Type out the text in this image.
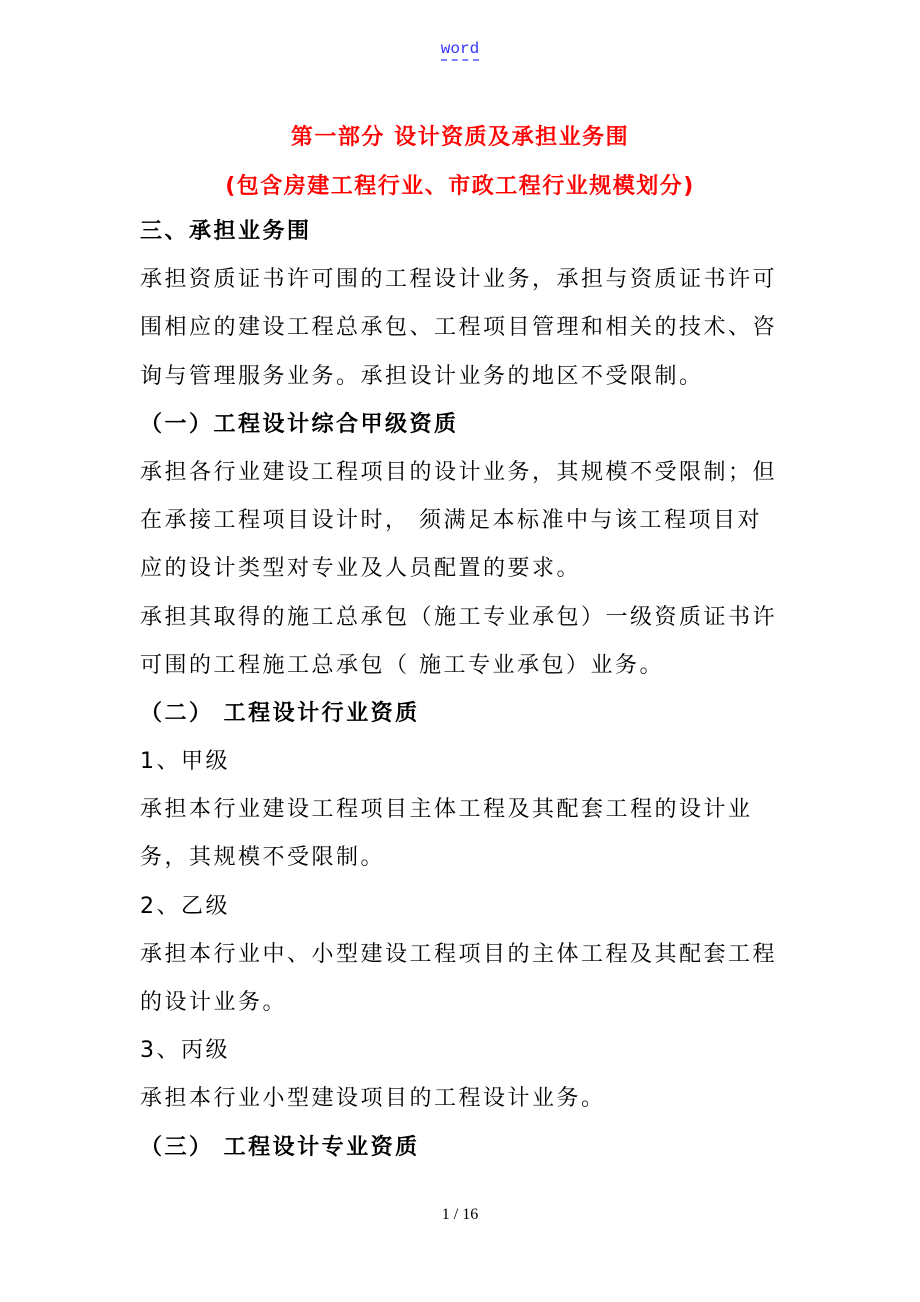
word
第一部分 设计资质及承担业务围
(包含房建工程行业、市政工程行业规模划分)
三、承担业务围
承担资质证书许可围的工程设计业务，承担与资质证书许可
围相应的建设工程总承包、工程项目管理和相关的技术、咨
询与管理服务业务。承担设计业务的地区不受限制。
（一）工程设计综合甲级资质
承担各行业建设工程项目的设计业务，其规模不受限制；但
在承接工程项目设计时， 须满足本标准中与该工程项目对
应的设计类型对专业及人员配置的要求。
承担其取得的施工总承包（施工专业承包）一级资质证书许
可围的工程施工总承包（ 施工专业承包）业务。
（二） 工程设计行业资质
1、甲级
承担本行业建设工程项目主体工程及其配套工程的设计业
务，其规模不受限制。
2、乙级
承担本行业中、小型建设工程项目的主体工程及其配套工程
的设计业务。
3、丙级
承担本行业小型建设项目的工程设计业务。
（三） 工程设计专业资质
1 / 16
